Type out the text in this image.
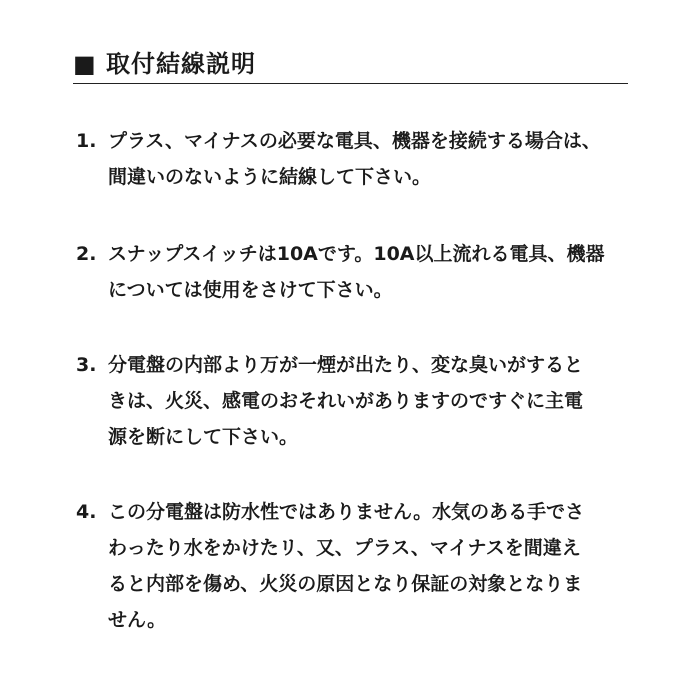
■ 取付結線説明
1. プラス、マイナスの必要な電具、機器を接続する場合は、
間違いのないように結線して下さい。
2. スナップスイッチは10Aです。10A以上流れる電具、機器
については使用をさけて下さい。
3. 分電盤の内部より万が一煙が出たり、変な臭いがすると
きは、火災、感電のおそれいがありますのですぐに主電
源を断にして下さい。
4. この分電盤は防水性ではありません。水気のある手でさ
わったり水をかけたリ、又、プラス、マイナスを間違え
ると内部を傷め、火災の原因となり保証の対象となりま
せん。
